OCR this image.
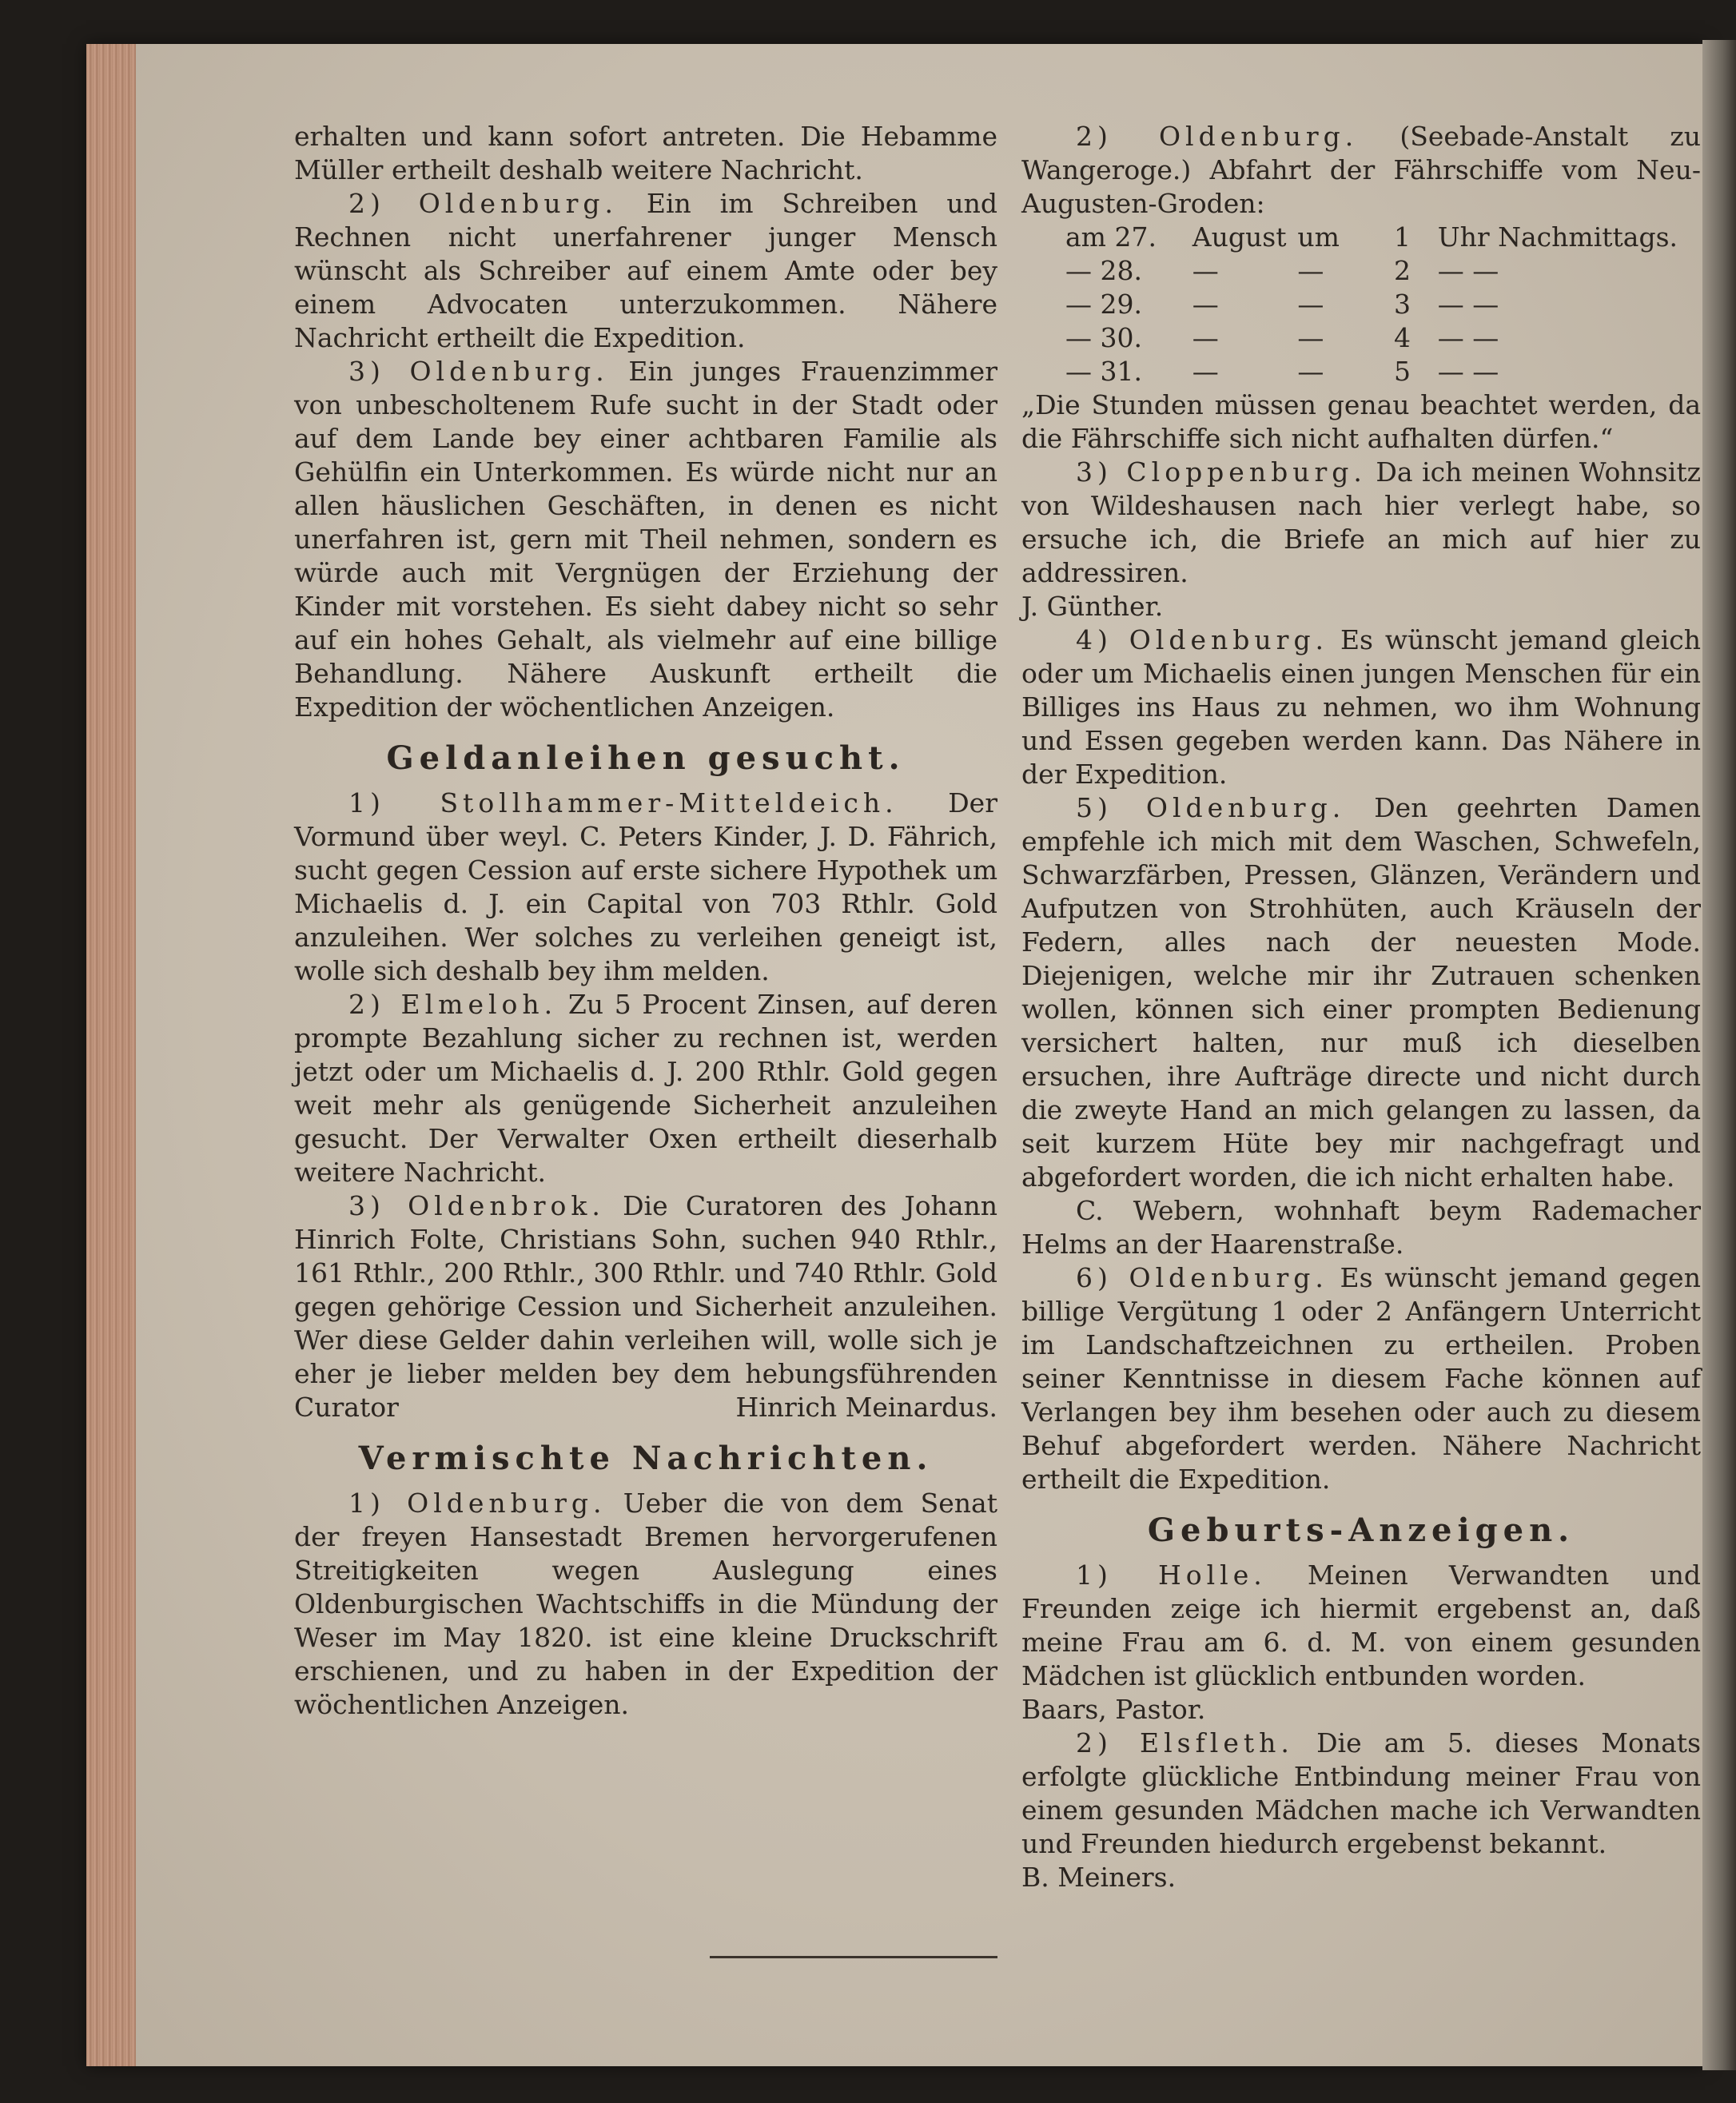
erhalten und kann sofort antreten. Die Hebamme Müller ertheilt deshalb weitere Nachricht.

2) Oldenburg. Ein im Schreiben und Rechnen nicht unerfahrener junger Mensch wünscht als Schreiber auf einem Amte oder bey einem Advocaten unterzukommen. Nähere Nachricht ertheilt die Expedition.

3) Oldenburg. Ein junges Frauenzimmer von unbescholtenem Rufe sucht in der Stadt oder auf dem Lande bey einer achtbaren Familie als Gehülfin ein Unterkommen. Es würde nicht nur an allen häuslichen Geschäften, in denen es nicht unerfahren ist, gern mit Theil nehmen, sondern es würde auch mit Vergnügen der Erziehung der Kinder mit vorstehen. Es sieht dabey nicht so sehr auf ein hohes Gehalt, als vielmehr auf eine billige Behandlung. Nähere Auskunft ertheilt die Expedition der wöchentlichen Anzeigen.

Geldanleihen gesucht.

1) Stollhammer-Mitteldeich. Der Vormund über weyl. C. Peters Kinder, J. D. Fährich, sucht gegen Cession auf erste sichere Hypothek um Michaelis d. J. ein Capital von 703 Rthlr. Gold anzuleihen. Wer solches zu verleihen geneigt ist, wolle sich deshalb bey ihm melden.

2) Elmeloh. Zu 5 Procent Zinsen, auf deren prompte Bezahlung sicher zu rechnen ist, werden jetzt oder um Michaelis d. J. 200 Rthlr. Gold gegen weit mehr als genügende Sicherheit anzuleihen gesucht. Der Verwalter Oxen ertheilt dieserhalb weitere Nachricht.

3) Oldenbrok. Die Curatoren des Johann Hinrich Folte, Christians Sohn, suchen 940 Rthlr., 161 Rthlr., 200 Rthlr., 300 Rthlr. und 740 Rthlr. Gold gegen gehörige Cession und Sicherheit anzuleihen. Wer diese Gelder dahin verleihen will, wolle sich je eher je lieber melden bey dem hebungsführenden Curator	Hinrich Meinardus.

Vermischte Nachrichten.

1) Oldenburg. Ueber die von dem Senat der freyen Hansestadt Bremen hervorgerufenen Streitigkeiten wegen Auslegung eines Oldenburgischen Wachtschiffs in die Mündung der Weser im May 1820. ist eine kleine Druckschrift erschienen, und zu haben in der Expedition der wöchentlichen Anzeigen.

2) Oldenburg. (Seebade-Anstalt zu Wangeroge.) Abfahrt der Fährschiffe vom Neu-Augusten-Groden:

am 27.	August	um	1	Uhr Nachmittags.
— 28.	—	—	2	— —
— 29.	—	—	3	— —
— 30.	—	—	4	— —
— 31.	—	—	5	— —

„Die Stunden müssen genau beachtet werden, da die Fährschiffe sich nicht aufhalten dürfen.“

3) Cloppenburg. Da ich meinen Wohnsitz von Wildeshausen nach hier verlegt habe, so ersuche ich, die Briefe an mich auf hier zu addressiren.

J. Günther.

4) Oldenburg. Es wünscht jemand gleich oder um Michaelis einen jungen Menschen für ein Billiges ins Haus zu nehmen, wo ihm Wohnung und Essen gegeben werden kann. Das Nähere in der Expedition.

5) Oldenburg. Den geehrten Damen empfehle ich mich mit dem Waschen, Schwefeln, Schwarzfärben, Pressen, Glänzen, Verändern und Aufputzen von Strohhüten, auch Kräuseln der Federn, alles nach der neuesten Mode. Diejenigen, welche mir ihr Zutrauen schenken wollen, können sich einer prompten Bedienung versichert halten, nur muß ich dieselben ersuchen, ihre Aufträge directe und nicht durch die zweyte Hand an mich gelangen zu lassen, da seit kurzem Hüte bey mir nachgefragt und abgefordert worden, die ich nicht erhalten habe.

C. Webern, wohnhaft beym Rademacher Helms an der Haarenstraße.

6) Oldenburg. Es wünscht jemand gegen billige Vergütung 1 oder 2 Anfängern Unterricht im Landschaftzeichnen zu ertheilen. Proben seiner Kenntnisse in diesem Fache können auf Verlangen bey ihm besehen oder auch zu diesem Behuf abgefordert werden. Nähere Nachricht ertheilt die Expedition.

Geburts-Anzeigen.

1) Holle. Meinen Verwandten und Freunden zeige ich hiermit ergebenst an, daß meine Frau am 6. d. M. von einem gesunden Mädchen ist glücklich entbunden worden.

Baars, Pastor.

2) Elsfleth. Die am 5. dieses Monats erfolgte glückliche Entbindung meiner Frau von einem gesunden Mädchen mache ich Verwandten und Freunden hiedurch ergebenst bekannt.

B. Meiners.
